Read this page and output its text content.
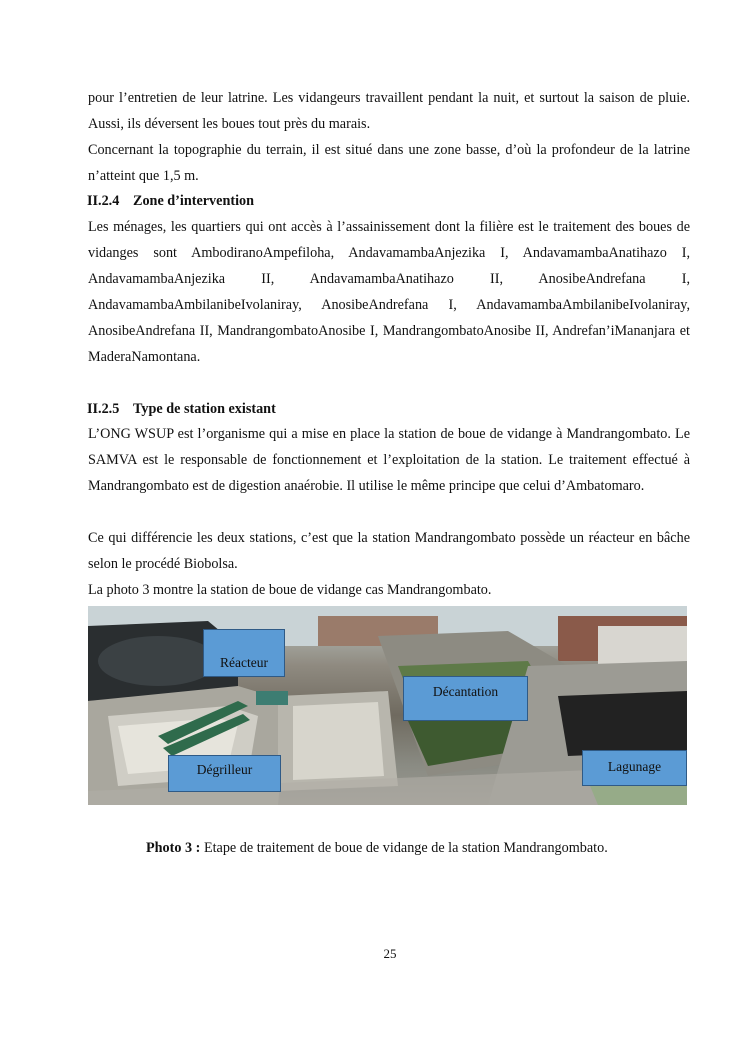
pour l’entretien de leur latrine. Les vidangeurs travaillent pendant la nuit, et surtout la saison de pluie. Aussi, ils déversent les boues tout près du marais.

Concernant la topographie du terrain, il est situé dans une zone basse, d’où la profondeur de la latrine n’atteint que 1,5 m.

II.2.4 Zone d’intervention

Les ménages, les quartiers qui ont accès à l’assainissement dont la filière est le traitement des boues de vidanges sont AmbodiranoAmpefiloha, AndavamambaAnjezika I, AndavamambaAnatihazo I, AndavamambaAnjezika II, AndavamambaAnatihazo II, AnosibeAndrefana I, AndavamambaAmbilanibeIvolaniray, AnosibeAndrefana I, AndavamambaAmbilanibeIvolaniray, AnosibeAndrefana II, MandrangombatoAnosibe I, MandrangombatoAnosibe II, Andrefan’iMananjara et MaderaNamontana.

II.2.5 Type de station existant

L’ONG WSUP est l’organisme qui a mise en place la station de boue de vidange à Mandrangombato. Le SAMVA est le responsable de fonctionnement et l’exploitation de la station. Le traitement effectué à Mandrangombato est de digestion anaérobie. Il utilise le même principe que celui d’Ambatomaro.

Ce qui différencie les deux stations, c’est que la station Mandrangombato possède un réacteur en bâche selon le procédé Biobolsa.

La photo 3 montre la station de boue de vidange cas Mandrangombato.

Réacteur
Décantation
Dégrilleur	Lagunage

Photo 3 : Etape de traitement de boue de vidange de la station Mandrangombato.

25
